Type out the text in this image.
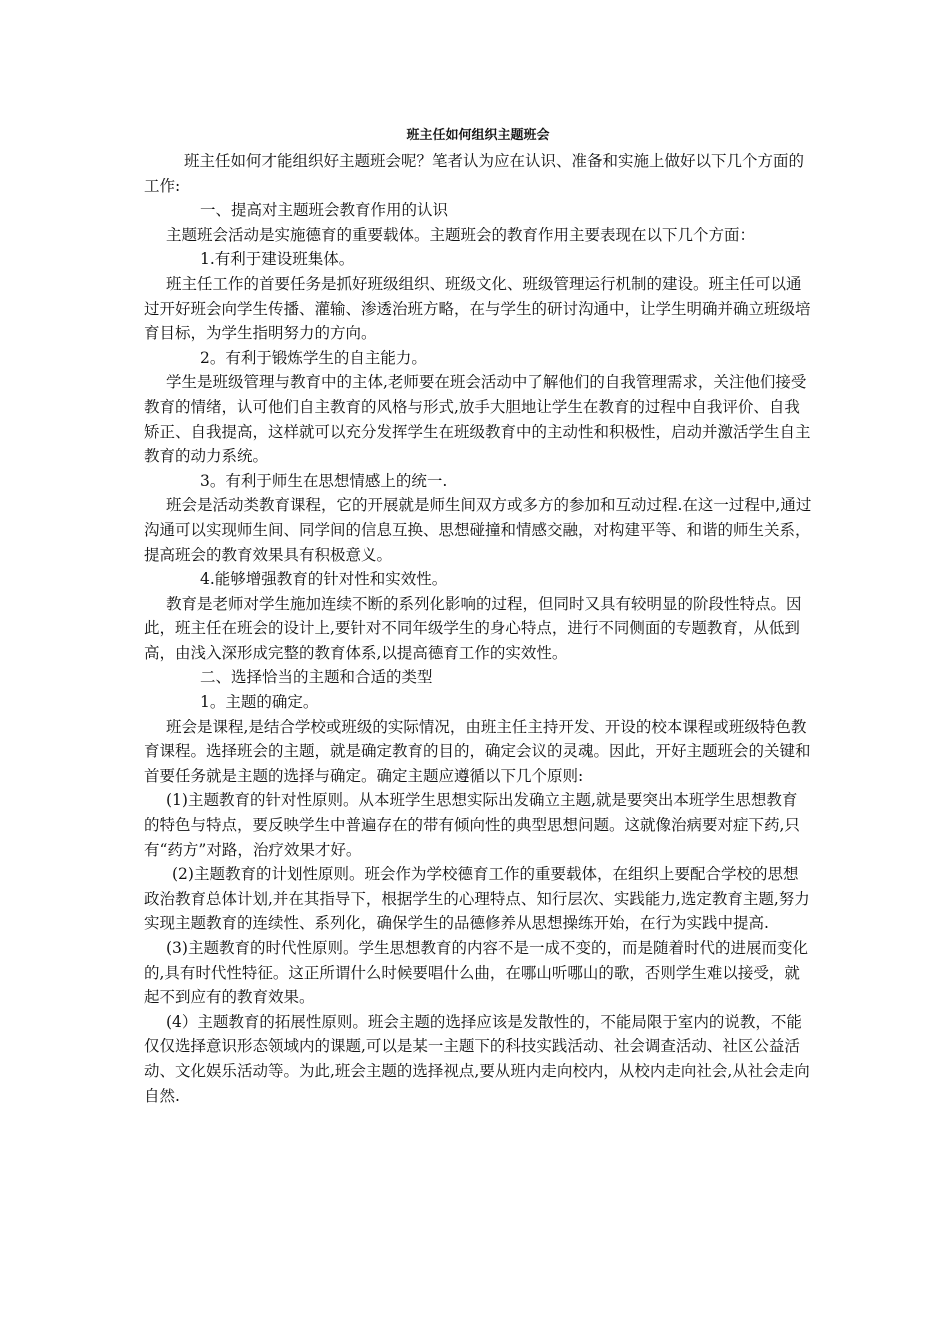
班主任如何组织主题班会

班主任如何才能组织好主题班会呢？笔者认为应在认识、准备和实施上做好以下几个方面的工作:

一、提高对主题班会教育作用的认识

主题班会活动是实施德育的重要载体。主题班会的教育作用主要表现在以下几个方面：

1.有利于建设班集体。

班主任工作的首要任务是抓好班级组织、班级文化、班级管理运行机制的建设。班主任可以通过开好班会向学生传播、灌输、渗透治班方略，在与学生的研讨沟通中，让学生明确并确立班级培育目标，为学生指明努力的方向。

2。有利于锻炼学生的自主能力。

学生是班级管理与教育中的主体,老师要在班会活动中了解他们的自我管理需求，关注他们接受教育的情绪，认可他们自主教育的风格与形式,放手大胆地让学生在教育的过程中自我评价、自我矫正、自我提高，这样就可以充分发挥学生在班级教育中的主动性和积极性，启动并激活学生自主教育的动力系统。

3。有利于师生在思想情感上的统一.

班会是活动类教育课程，它的开展就是师生间双方或多方的参加和互动过程.在这一过程中,通过沟通可以实现师生间、同学间的信息互换、思想碰撞和情感交融，对构建平等、和谐的师生关系，提高班会的教育效果具有积极意义。

4.能够增强教育的针对性和实效性。

教育是老师对学生施加连续不断的系列化影响的过程，但同时又具有较明显的阶段性特点。因此，班主任在班会的设计上,要针对不同年级学生的身心特点，进行不同侧面的专题教育，从低到高，由浅入深形成完整的教育体系,以提高德育工作的实效性。

二、选择恰当的主题和合适的类型

1。主题的确定。

班会是课程,是结合学校或班级的实际情况，由班主任主持开发、开设的校本课程或班级特色教育课程。选择班会的主题，就是确定教育的目的，确定会议的灵魂。因此，开好主题班会的关键和首要任务就是主题的选择与确定。确定主题应遵循以下几个原则:

(1)主题教育的针对性原则。从本班学生思想实际出发确立主题,就是要突出本班学生思想教育的特色与特点，要反映学生中普遍存在的带有倾向性的典型思想问题。这就像治病要对症下药,只有“药方”对路，治疗效果才好。

(2)主题教育的计划性原则。班会作为学校德育工作的重要载体，在组织上要配合学校的思想政治教育总体计划,并在其指导下，根据学生的心理特点、知行层次、实践能力,选定教育主题,努力实现主题教育的连续性、系列化，确保学生的品德修养从思想操练开始，在行为实践中提高.

(3)主题教育的时代性原则。学生思想教育的内容不是一成不变的，而是随着时代的进展而变化的,具有时代性特征。这正所谓什么时候要唱什么曲，在哪山听哪山的歌，否则学生难以接受，就起不到应有的教育效果。

(4）主题教育的拓展性原则。班会主题的选择应该是发散性的，不能局限于室内的说教，不能仅仅选择意识形态领域内的课题,可以是某一主题下的科技实践活动、社会调查活动、社区公益活动、文化娱乐活动等。为此,班会主题的选择视点,要从班内走向校内，从校内走向社会,从社会走向自然.
